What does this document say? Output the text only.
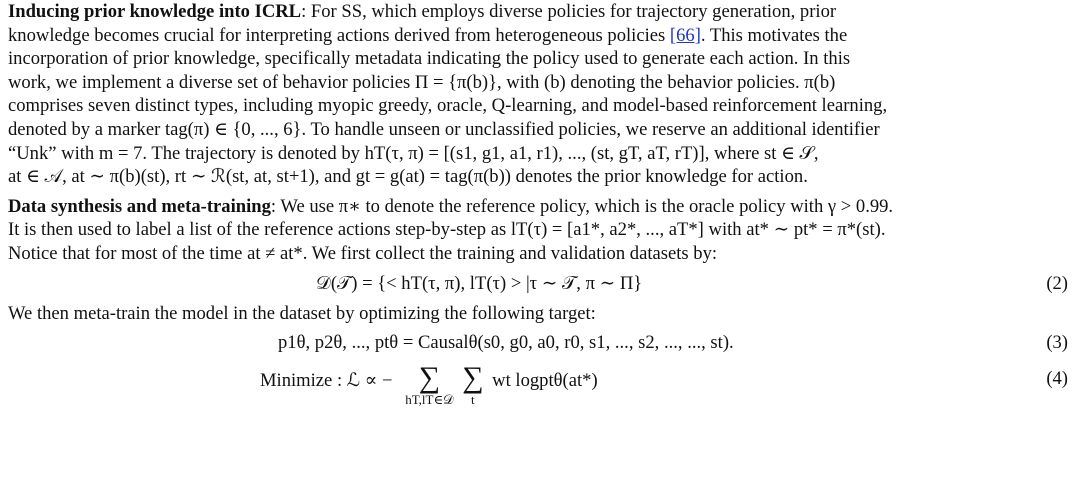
Inducing prior knowledge into ICRL: For SS, which employs diverse policies for trajectory generation, prior
knowledge becomes crucial for interpreting actions derived from heterogeneous policies [66]. This motivates the
incorporation of prior knowledge, specifically metadata indicating the policy used to generate each action. In this
work, we implement a diverse set of behavior policies Π = {π(b)}, with (b) denoting the behavior policies. π(b)
comprises seven distinct types, including myopic greedy, oracle, Q-learning, and model-based reinforcement learning,
denoted by a marker tag(π) ∈ {0, ..., 6}. To handle unseen or unclassified policies, we reserve an additional identifier
“Unk” with m = 7. The trajectory is denoted by hT(τ, π) = [(s1, g1, a1, r1), ..., (st, gT, aT, rT)], where st ∈ 𝒮,
at ∈ 𝒜, at ∼ π(b)(st), rt ∼ ℛ(st, at, st+1), and gt = g(at) = tag(π(b)) denotes the prior knowledge for action.
Data synthesis and meta-training: We use π∗ to denote the reference policy, which is the oracle policy with γ > 0.99.
It is then used to label a list of the reference actions step-by-step as lT(τ) = [a1*, a2*, ..., aT*] with at* ∼ pt* = π*(st).
Notice that for most of the time at ≠ at*. We first collect the training and validation datasets by:
𝒟(𝒯) = {< hT(τ, π), lT(τ) > |τ ∼ 𝒯, π ∼ Π}	(2)
We then meta-train the model in the dataset by optimizing the following target:
p1θ, p2θ, ..., ptθ = Causalθ(s0, g0, a0, r0, s1, ..., s2, ..., ..., st).	(3)
Minimize : ℒ ∝ − ∑
hT,lT∈𝒟

∑
t
wt logptθ(at*)	(4)
